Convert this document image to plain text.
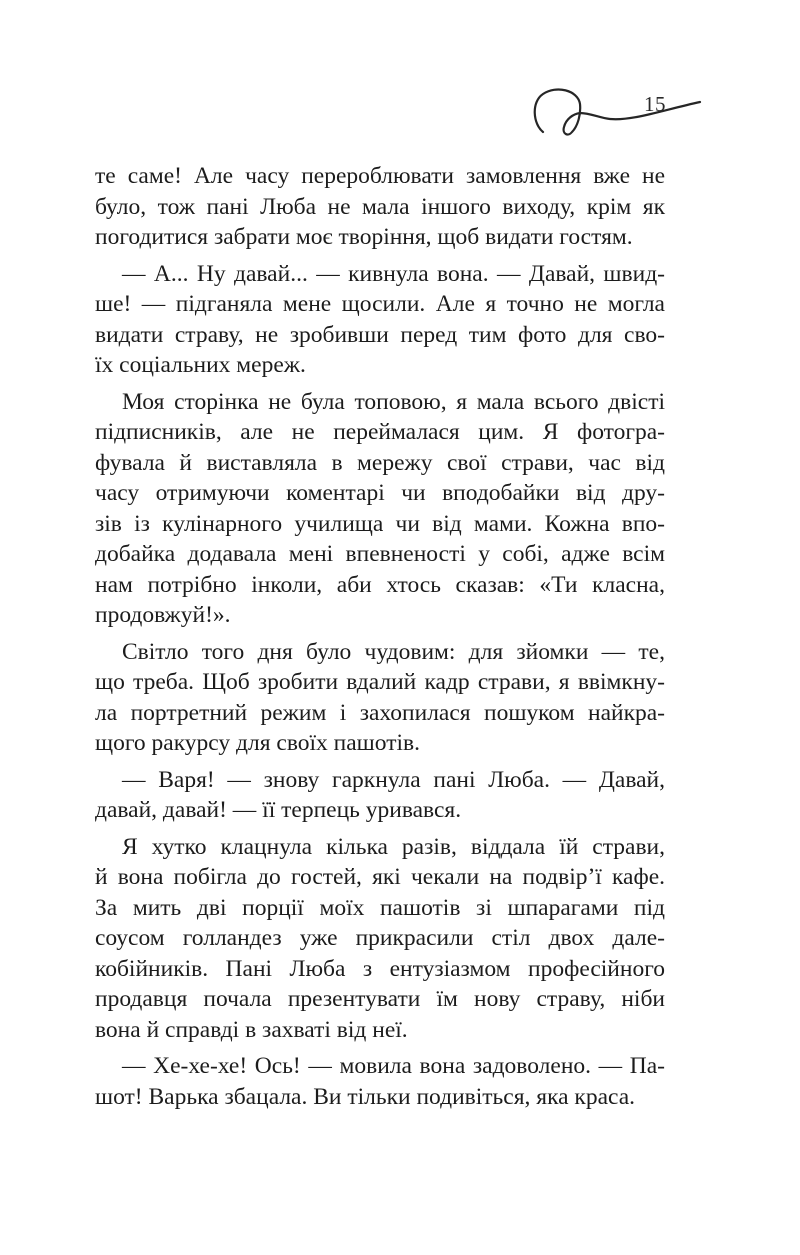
15
те саме! Але часу перероблювати замовлення вже не
було, тож пані Люба не мала іншого виходу, крім як
погодитися забрати моє творіння, щоб видати гостям.
— А... Ну давай... — кивнула вона. — Давай, швид-
ше! — підганяла мене щосили. Але я точно не могла
видати страву, не зробивши перед тим фото для сво-
їх соціальних мереж.
Моя сторінка не була топовою, я мала всього двісті
підписників, але не переймалася цим. Я фотогра-
фувала й виставляла в мережу свої страви, час від
часу отримуючи коментарі чи вподобайки від дру-
зів із кулінарного училища чи від мами. Кожна впо-
добайка додавала мені впевненості у собі, адже всім
нам потрібно інколи, аби хтось сказав: «Ти класна,
продовжуй!».
Світло того дня було чудовим: для зйомки — те,
що треба. Щоб зробити вдалий кадр страви, я ввімкну-
ла портретний режим і захопилася пошуком найкра-
щого ракурсу для своїх пашотів.
— Варя! — знову гаркнула пані Люба. — Давай,
давай, давай! — її терпець уривався.
Я хутко клацнула кілька разів, віддала їй страви,
й вона побігла до гостей, які чекали на подвір’ї кафе.
За мить дві порції моїх пашотів зі шпарагами під
соусом голландез уже прикрасили стіл двох дале-
кобійників. Пані Люба з ентузіазмом професійного
продавця почала презентувати їм нову страву, ніби
вона й справді в захваті від неї.
— Хе-хе-хе! Ось! — мовила вона задоволено. — Па-
шот! Варька збацала. Ви тільки подивіться, яка краса.
